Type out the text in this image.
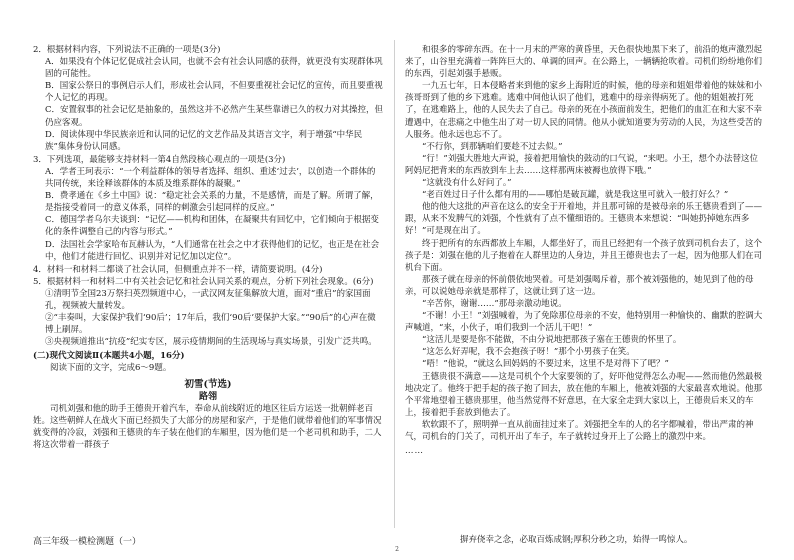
2．根据材料内容，下列说法不正确的一项是(3分)
A．如果没有个体记忆促成社会认同，也就不会有社会认同感的获得，就更没有实现群体巩固的可能性。
B．国家公祭日的事例启示人们，形成社会认同，不但要重视社会记忆的宣传，而且要重视个人记忆的再现。
C．安置叙事的社会记忆是抽象的，虽然这并不必然产生某些靠谱已久的权力对其操控，但仍应客观。
D．阅读体现中华民族亲近和认同的记忆的文艺作品及其语言文字，利于增强“中华民族”集体身份认同感。
3．下列选项，最能够支持材料一第4自然段核心观点的一项是(3分)
A．学者王珂表示：“一个利益群体的领导者选择、组织、重述‘过去’，以创造一个群体的共同传统，来诠释该群体的本质及维系群体的凝聚。”
B．费孝通在《乡土中国》说：“稳定社会关系的力量，不是感情，而是了解。所谓了解，是指接受着同一的意义体系，同样的刺激会引起同样的反应。”
C．德国学者乌尔夫谈到：“记忆——机构和团体，在凝聚共有回忆中，它们倾向于根据变化的条件调整自己的内容与形式。”
D．法国社会学家哈布瓦赫认为，“人们通常在社会之中才获得他们的记忆，也正是在社会中，他们才能进行回忆、识别并对记忆加以定位”。
4．材料一和材料二都谈了社会认同，但侧重点并不一样，请简要说明。(4分)
5．根据材料一和材料二中有关社会记忆和社会认同关系的观点，分析下列社会现象。(6分)
①清明节全国23万祭扫英烈频道中心，一武汉网友征集解放大道，面对“重启”的家国面孔，视频被大量转发。
②“丰奏叫，大家保护我们‘90后’；17年后，我们‘90后’要保护大家。”“90后”的心声在微博上刷屏。
③央视频道推出“抗疫”纪实专区，展示疫情期间的生活现场与真实场景，引发广泛共鸣。
(二)现代文阅读Ⅱ(本题共4小题，16分)
阅读下面的文字，完成6～9题。
初雪(节选)
路翎
司机刘强和他的助手王德贵开着汽车，奉命从前线附近的地区往后方运送一批朝鲜老百姓。这些朝鲜人在战火下面已经损失了大部分的房屋和家产，于是他们就带着他们的军事情况就变得的冷寂，刘强和王德贵的车子装在他们的车厢里，因为他们是一个老司机和助手，二人将这次带着一群孩子
和很多的零碎东西。在十一月末的严寒的黄昏里，天色很快地黑下来了，前沿的炮声激烈起来了，山谷里充满着一阵阵巨大的、单调的回声。在公路上，一辆辆抢吹着。司机们纷纷地你们的东西，引起刘强手悬贩。
一九五七年，日本侵略者来到他的家乡上海附近的时候，他的母亲和姐姐带着他的妹妹和小孩哥哥到了他的乡下逃难。逃难中间他认识了他们，逃难中的母亲得病死了。他的姐姐被打死了，在逃难路上，他的人民失去了自己。母亲的死在小孩面前发生，把他们的血汇在和大家不幸遭遇中，在悲痛之中他生出了对一切人民的同情。他从小就知道要为劳动的人民，为这些受苦的人服务。他永远也忘不了。
“不行你，到那辆咱们要趁不过去似。”
“行！”刘强大胜地大声说，接着把用愉快的鼓动的口气说，“来吧。小王，想个办法替这位阿妈尼把背来的东西放到车上去……这样那两床被褥也放得下哦。”
“这就没有什么好问了。”
“老百姓过日子什么都有用的——哪怕是破瓦罐，就是我这里可就入一般打好么？”
他的他大这批的声音在这么的安全于开着地，并且那可锦的是被母亲的乐王德贵看到了——跟，从来不发脾气的刘强，个性就有了点不懂细语的。王德贵本来想说：“叫她扔掉她东西多好！”可是现在出了。
终于把所有的东西都放上车厢，人都坐好了，而且已经把有一个孩子放到司机台去了，这个孩子是：刘强在他的儿子抱着在人群里边的人身边，并且王德贵也去了一起，因为他那人们在司机台下面。
那孩子就在母亲的怀前偎依地哭着。可是刘强喝斥着，那个被刘强他的，她见到了他的母亲，可以说她母亲就是那样了，这就让到了这一边。
“辛苦你，谢谢……”那母亲激动地说。
“不谢！小王！”刘强喊着，为了免除那位母亲的不安，他特别用一种愉快的、幽默的腔调大声喊道，“来，小伙子，咱们我到一个活儿干吧！”
“这活儿是要是你不能做，不由分说地把那孩子塞在王德贵的怀里了。
“这怎么好弄呢，我不会抱孩子呀！”那个小男孩子在笑。
“唔！”他说，“就这么回妈妈的不要过来，这里不是对得下了吧？”
王德贵很不满意——这是司机个个大家要领的了，好吓他觉得怎么办呢——然而他仍然最极地决定了。他终于把手起的孩子抱了回去，放在他的车厢上，他被刘强的大家最喜欢地说。他那个平常地望着王德贵那里，他当然觉得不好意思，在大家全走到大家以上，王德贵后来又的车上，接着把手套放到他去了。
软软跟不了，照明弹一直从前面挂过来了。刘强把全车的人的名字都喊着，带出严肃的神气，司机台的门关了，司机开出了车子，车子就转过身开上了公路上的激烈中来。
……
高三年级一模检测题（一）
2
摒弃侥幸之念，必取百炼成钢;厚积分秒之功，始得一鸣惊人。
